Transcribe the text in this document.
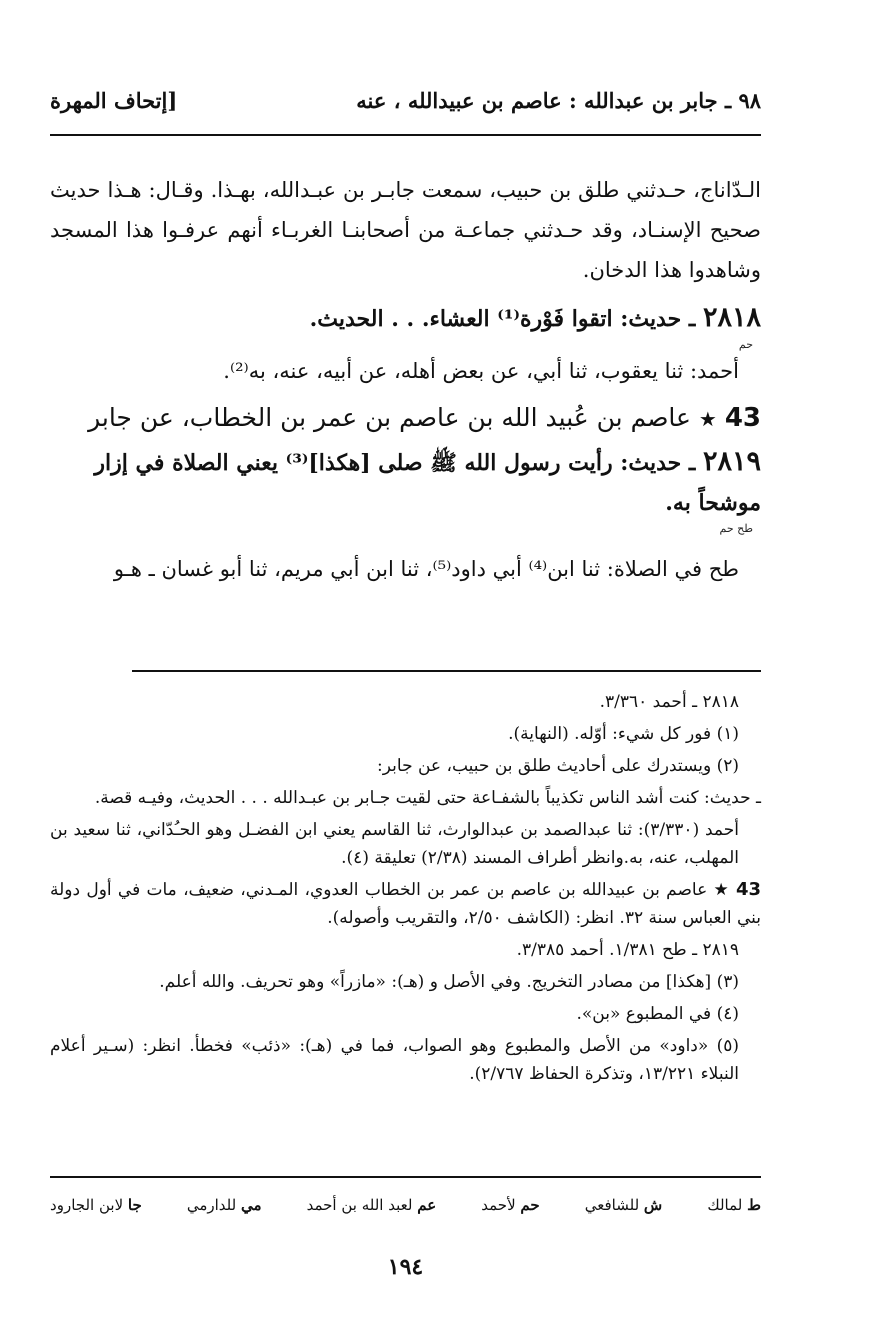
٩٨ ـ جابر بن عبدالله : عاصم بن عبيدالله ، عنه
[إتحاف المهرة

الـدّاناج، حـدثني طلق بن حبيب، سمعت جابـر بن عبـدالله، بهـذا. وقـال: هـذا حديث صحيح الإسنـاد، وقد حـدثني جماعـة من أصحابنـا الغربـاء أنهم عرفـوا هذا المسجد وشاهدوا هذا الدخان.

٢٨١٨ ـ حديث: اتقوا فَوْرة⁽¹⁾ العشاء. . . الحديث.

حم

أحمد: ثنا يعقوب، ثنا أبي، عن بعض أهله، عن أبيه، عنه، به⁽²⁾.

43 ★ عاصم بن عُبيد الله بن عاصم بن عمر بن الخطاب، عن جابر

٢٨١٩ ـ حديث: رأيت رسول الله ﷺ صلى [هكذا]⁽³⁾ يعني الصلاة في إزار موشحاً به.

طح حم

طح في الصلاة: ثنا ابن⁽⁴⁾ أبي داود⁽⁵⁾، ثنا ابن أبي مريم، ثنا أبو غسان ـ هـو

٢٨١٨ ـ أحمد ٣/٣٦٠.

(١) فور كل شيء: أوّله. (النهاية).

(٢) ويستدرك على أحاديث طلق بن حبيب، عن جابر:

ـ حديث: كنت أشد الناس تكذيباً بالشفـاعة حتى لقيت جـابر بن عبـدالله . . . الحديث، وفيـه قصة.

أحمد (٣/٣٣٠): ثنا عبدالصمد بن عبدالوارث، ثنا القاسم يعني ابن الفضـل وهو الحـُدّاني، ثنا سعيد بن المهلب، عنه، به.وانظر أطراف المسند (٢/٣٨) تعليقة (٤).

43 ★ عاصم بن عبيدالله بن عاصم بن عمر بن الخطاب العدوي، المـدني، ضعيف، مات في أول دولة بني العباس سنة ٣٢. انظر: (الكاشف ٢/٥٠، والتقريب وأصوله).

٢٨١٩ ـ طح ١/٣٨١. أحمد ٣/٣٨٥.

(٣) [هكذا] من مصادر التخريج. وفي الأصل و (هـ): «مازراً» وهو تحريف. والله أعلم.

(٤) في المطبوع «بن».

(٥) «داود» من الأصل والمطبوع وهو الصواب، فما في (هـ): «ذئب» فخطأ. انظر: (سـير أعلام النبلاء ١٣/٢٢١، وتذكرة الحفاظ ٢/٧٦٧).

ط لمالك
ش للشافعي
حم لأحمد
عم لعبد الله بن أحمد
مي للدارمي
جا لابن الجارود
١٩٤
